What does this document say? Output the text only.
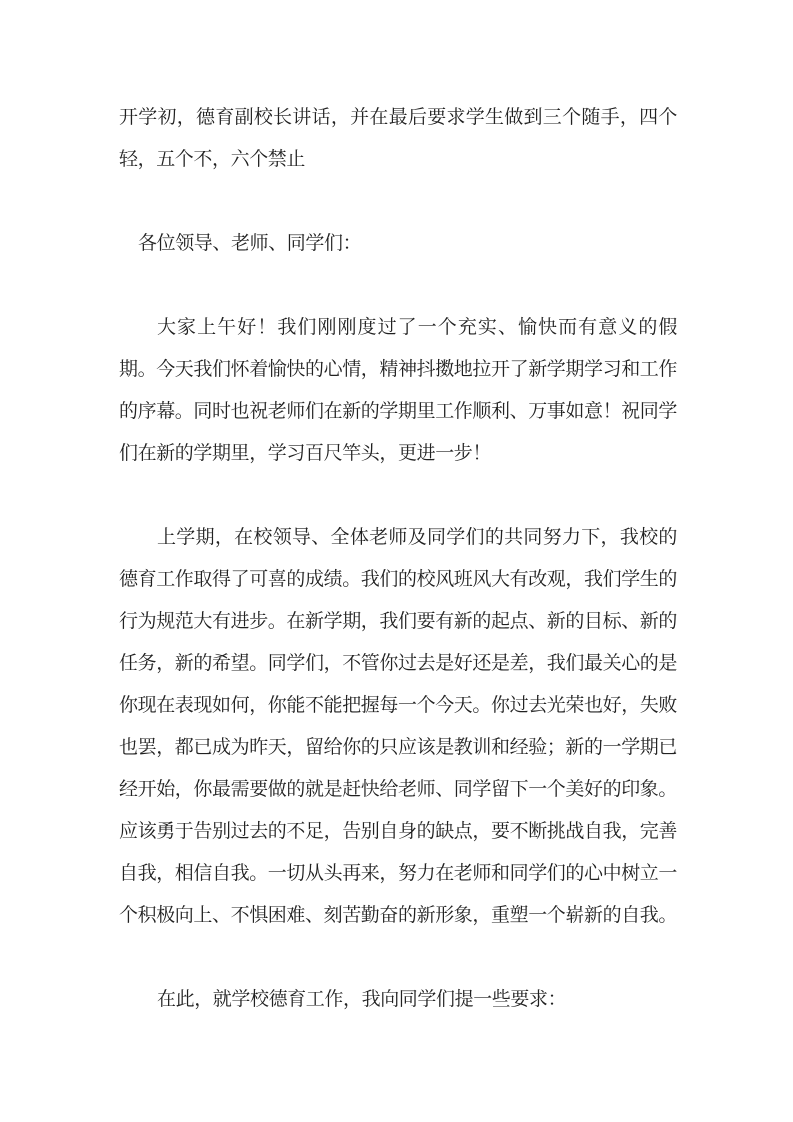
开学初，德育副校长讲话，并在最后要求学生做到三个随手，四个轻，五个不，六个禁止

各位领导、老师、同学们：

大家上午好！我们刚刚度过了一个充实、愉快而有意义的假期。今天我们怀着愉快的心情，精神抖擞地拉开了新学期学习和工作的序幕。同时也祝老师们在新的学期里工作顺利、万事如意！祝同学们在新的学期里，学习百尺竿头，更进一步！

上学期，在校领导、全体老师及同学们的共同努力下，我校的德育工作取得了可喜的成绩。我们的校风班风大有改观，我们学生的行为规范大有进步。在新学期，我们要有新的起点、新的目标、新的任务，新的希望。同学们，不管你过去是好还是差，我们最关心的是你现在表现如何，你能不能把握每一个今天。你过去光荣也好，失败也罢，都已成为昨天，留给你的只应该是教训和经验；新的一学期已经开始，你最需要做的就是赶快给老师、同学留下一个美好的印象。应该勇于告别过去的不足，告别自身的缺点，要不断挑战自我，完善自我，相信自我。一切从头再来，努力在老师和同学们的心中树立一个积极向上、不惧困难、刻苦勤奋的新形象，重塑一个崭新的自我。

在此，就学校德育工作，我向同学们提一些要求：
